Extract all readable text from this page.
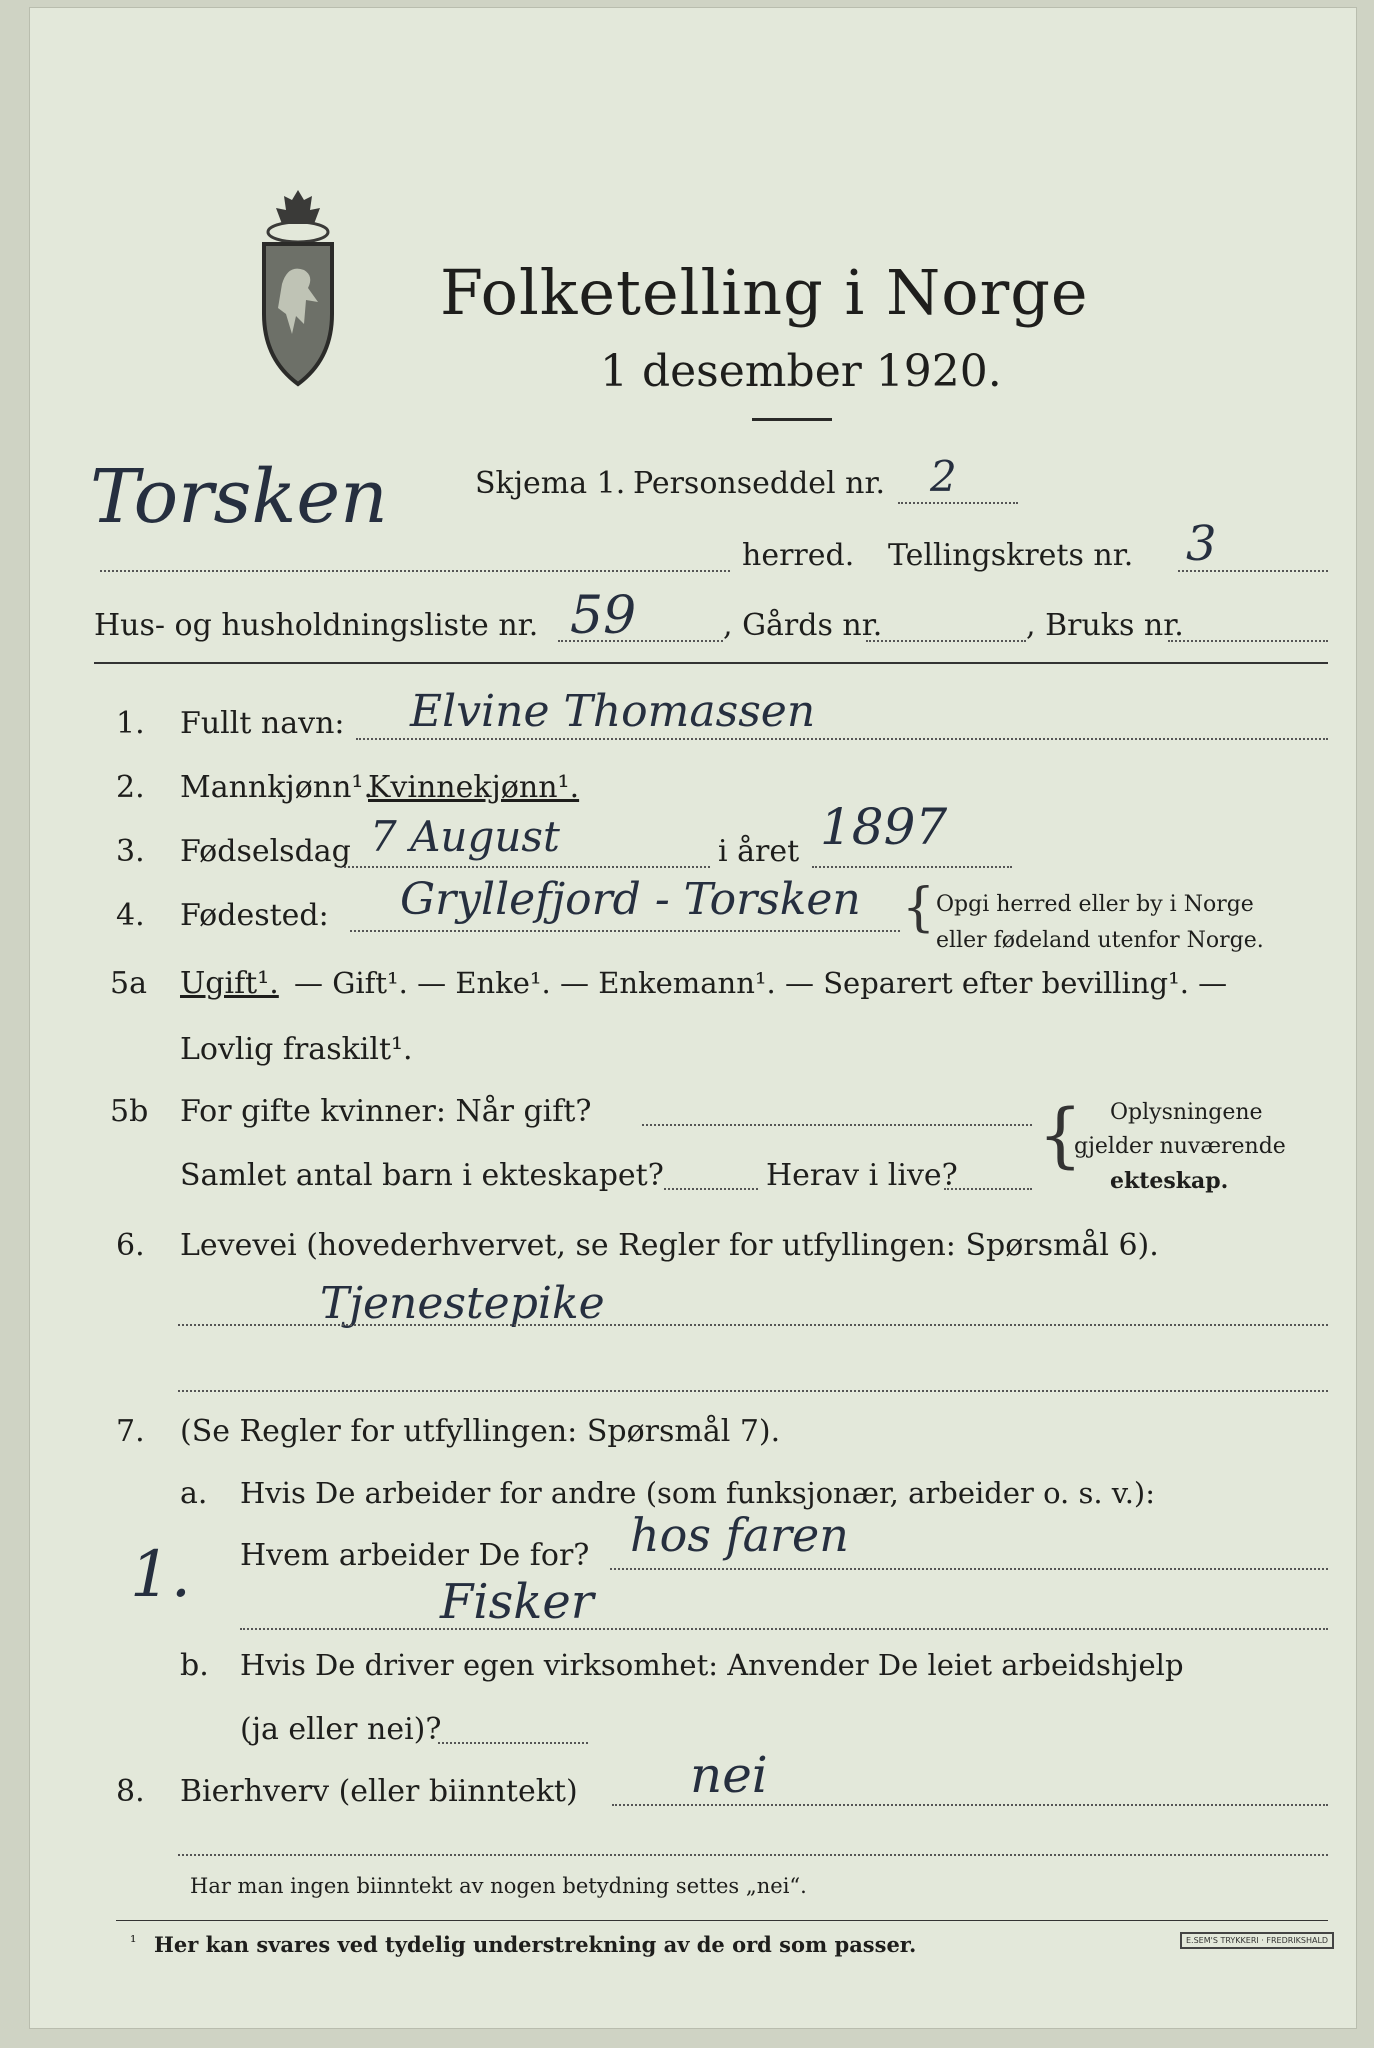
Folketelling i Norge
1 desember 1920.
Torsken	Skjema 1. Personseddel nr. 2
herred. Tellingskrets nr. 3
Hus- og husholdningsliste nr. 59	, Gårds nr.	, Bruks nr.
1. Fullt navn: Elvine Thomassen
2. Mannkjønn¹.
Kvinnekjønn¹.
3. Fødselsdag 7 August	i året 1897
4. Fødested: Gryllefjord - Torsken { Opgi herred eller by i Norge
eller fødeland utenfor Norge.
5a Ugift¹. — Gift¹. — Enke¹. — Enkemann¹. — Separert efter bevilling¹. —
Lovlig fraskilt¹.
5b For gifte kvinner: Når gift?
Samlet antal barn i ekteskapet?	Herav i live? { Oplysningene
gjelder nuværende
ekteskap.
6. Levevei (hovederhvervet, se Regler for utfyllingen: Spørsmål 6).
Tjenestepike
7. (Se Regler for utfyllingen: Spørsmål 7).
a. Hvis De arbeider for andre (som funksjonær, arbeider o. s. v.):
1. Hvem arbeider De for? hos faren
Fisker
b. Hvis De driver egen virksomhet: Anvender De leiet arbeidshjelp
(ja eller nei)?
8. Bierhverv (eller biinntekt) nei
Har man ingen biinntekt av nogen betydning settes „nei“.
¹ Her kan svares ved tydelig understrekning av de ord som passer.	E.SEM'S TRYKKERI · FREDRIKSHALD
